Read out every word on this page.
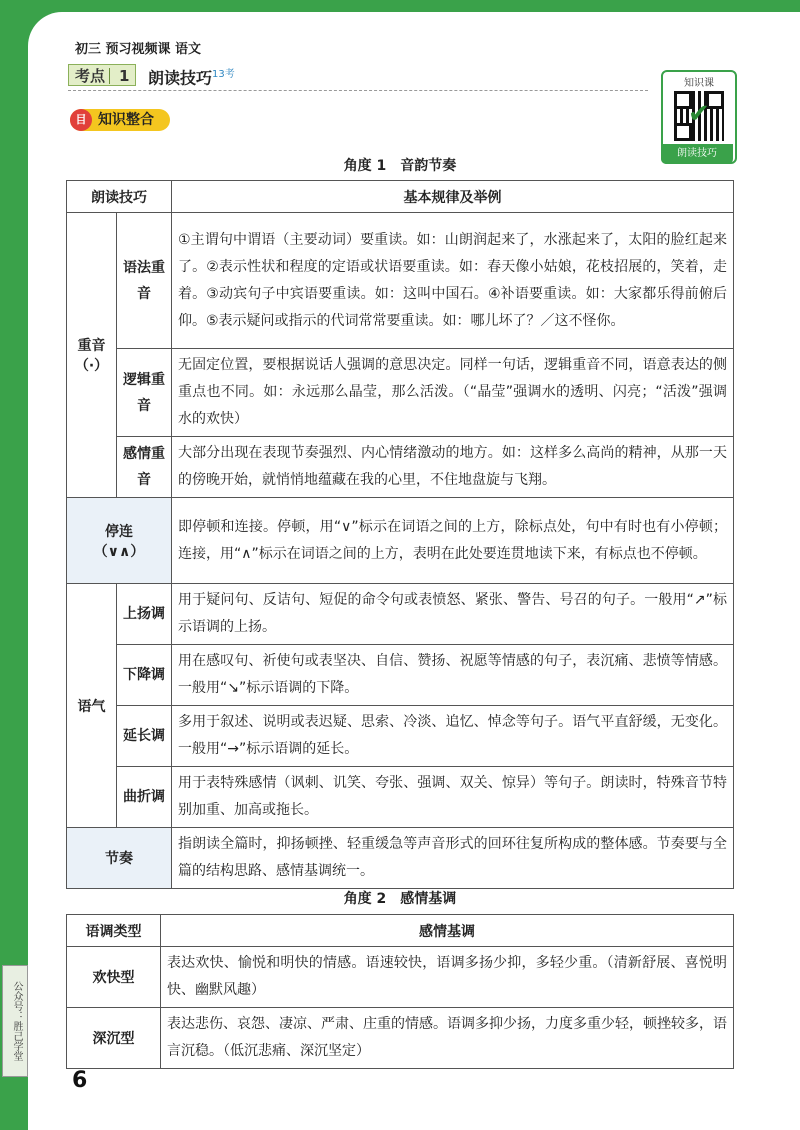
公众号：胜己学堂
初三 预习视频课 语文
考点 1 朗读技巧$^{13考}$
知识课
✔
朗读技巧
目 知识整合
角度 1　音韵节奏
朗读技巧		基本规律及举例

重音
（·）	语法重音	①主谓句中谓语（主要动词）要重读。如：山朗润起来了，水涨起来了，太阳的脸红起来了。②表示性状和程度的定语或状语要重读。如：春天像小姑娘，花枝招展的，笑着，走着。③动宾句子中宾语要重读。如：这叫中国石。④补语要重读。如：大家都乐得前俯后仰。⑤表示疑问或指示的代词常常要重读。如：哪儿坏了？／这不怪你。
	逻辑重音	无固定位置，要根据说话人强调的意思决定。同样一句话，逻辑重音不同，语意表达的侧重点也不同。如：永远那么晶莹，那么活泼。（“晶莹”强调水的透明、闪亮；“活泼”强调水的欢快）
	感情重音	大部分出现在表现节奏强烈、内心情绪激动的地方。如：这样多么高尚的精神，从那一天的傍晚开始，就悄悄地蕴藏在我的心里，不住地盘旋与飞翔。

停连
（∨∧）		即停顿和连接。停顿，用“∨”标示在词语之间的上方，除标点处，句中有时也有小停顿；连接，用“∧”标示在词语之间的上方，表明在此处要连贯地读下来，有标点也不停顿。
语气	上扬调	用于疑问句、反诘句、短促的命令句或表愤怒、紧张、警告、号召的句子。一般用“↗”标示语调的上扬。
	下降调	用在感叹句、祈使句或表坚决、自信、赞扬、祝愿等情感的句子，表沉痛、悲愤等情感。一般用“↘”标示语调的下降。
	延长调	多用于叙述、说明或表迟疑、思索、冷淡、追忆、悼念等句子。语气平直舒缓，无变化。一般用“→”标示语调的延长。
	曲折调	用于表特殊感情（讽刺、讥笑、夸张、强调、双关、惊异）等句子。朗读时，特殊音节特别加重、加高或拖长。
节奏		指朗读全篇时，抑扬顿挫、轻重缓急等声音形式的回环往复所构成的整体感。节奏要与全篇的结构思路、感情基调统一。
角度 2　感情基调
语调类型	感情基调
欢快型	表达欢快、愉悦和明快的情感。语速较快，语调多扬少抑，多轻少重。（清新舒展、喜悦明快、幽默风趣）
深沉型	表达悲伤、哀怨、凄凉、严肃、庄重的情感。语调多抑少扬，力度多重少轻，顿挫较多，语言沉稳。（低沉悲痛、深沉坚定）
6
